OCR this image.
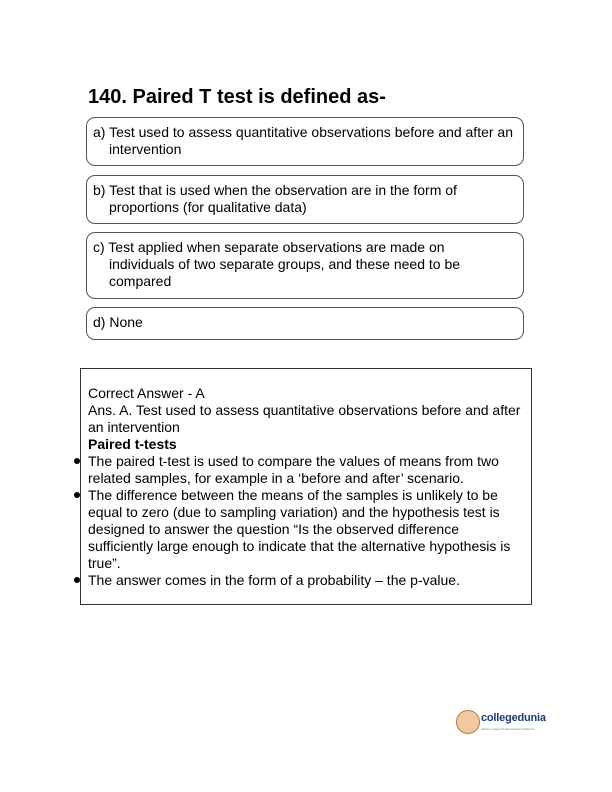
140. Paired T test is defined as-
a) Test used to assess quantitative observations before and after an intervention
b) Test that is used when the observation are in the form of proportions (for qualitative data)
c) Test applied when separate observations are made on individuals of two separate groups, and these need to be compared
d) None

Correct Answer - A

Ans. A. Test used to assess quantitative observations before and after an intervention

Paired t-tests

The paired t-test is used to compare the values of means from two related samples, for example in a ‘before and after’ scenario.
The difference between the means of the samples is unlikely to be equal to zero (due to sampling variation) and the hypothesis test is designed to answer the question “Is the observed difference sufficiently large enough to indicate that the alternative hypothesis is true”.
The answer comes in the form of a probability – the p-value.
collegedunia
India's Largest Student Review Platform
